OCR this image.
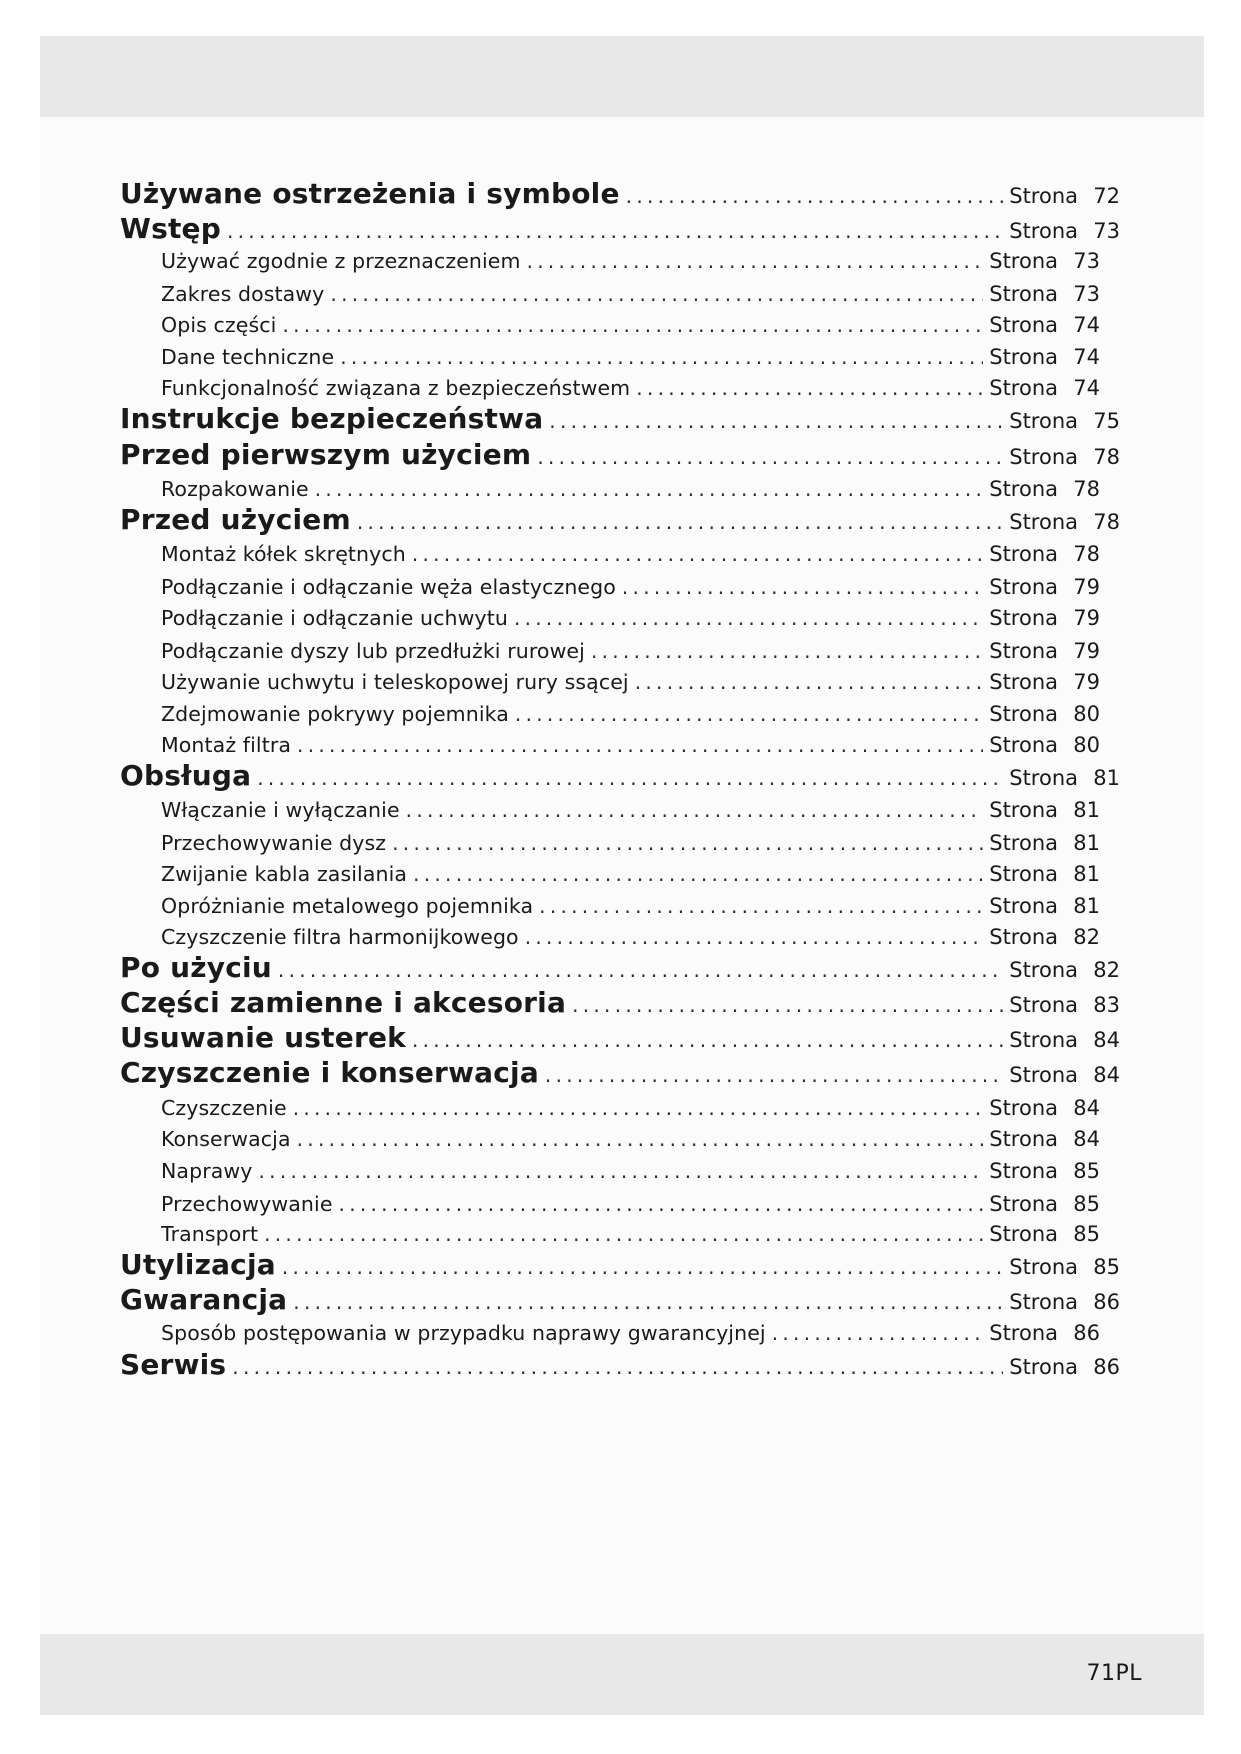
71PL
Używane ostrzeżenia i symbole .....	Strona 72
Wstęp .....	Strona 73
Używać zgodnie z przeznaczeniem .....	Strona 73
Zakres dostawy .....	Strona 73
Opis części .....	Strona 74
Dane techniczne .....	Strona 74
Funkcjonalność związana z bezpieczeństwem .....	Strona 74
Instrukcje bezpieczeństwa .....	Strona 75
Przed pierwszym użyciem .....	Strona 78
Rozpakowanie .....	Strona 78
Przed użyciem .....	Strona 78
Montaż kółek skrętnych .....	Strona 78
Podłączanie i odłączanie węża elastycznego .....	Strona 79
Podłączanie i odłączanie uchwytu .....	Strona 79
Podłączanie dyszy lub przedłużki rurowej .....	Strona 79
Używanie uchwytu i teleskopowej rury ssącej .....	Strona 79
Zdejmowanie pokrywy pojemnika .....	Strona 80
Montaż filtra .....	Strona 80
Obsługa .....	Strona 81
Włączanie i wyłączanie .....	Strona 81
Przechowywanie dysz .....	Strona 81
Zwijanie kabla zasilania .....	Strona 81
Opróżnianie metalowego pojemnika .....	Strona 81
Czyszczenie filtra harmonijkowego .....	Strona 82
Po użyciu .....	Strona 82
Części zamienne i akcesoria .....	Strona 83
Usuwanie usterek .....	Strona 84
Czyszczenie i konserwacja .....	Strona 84
Czyszczenie .....	Strona 84
Konserwacja .....	Strona 84
Naprawy .....	Strona 85
Przechowywanie .....	Strona 85
Transport .....	Strona 85
Utylizacja .....	Strona 85
Gwarancja .....	Strona 86
Sposób postępowania w przypadku naprawy gwarancyjnej .....	Strona 86
Serwis .....	Strona 86
